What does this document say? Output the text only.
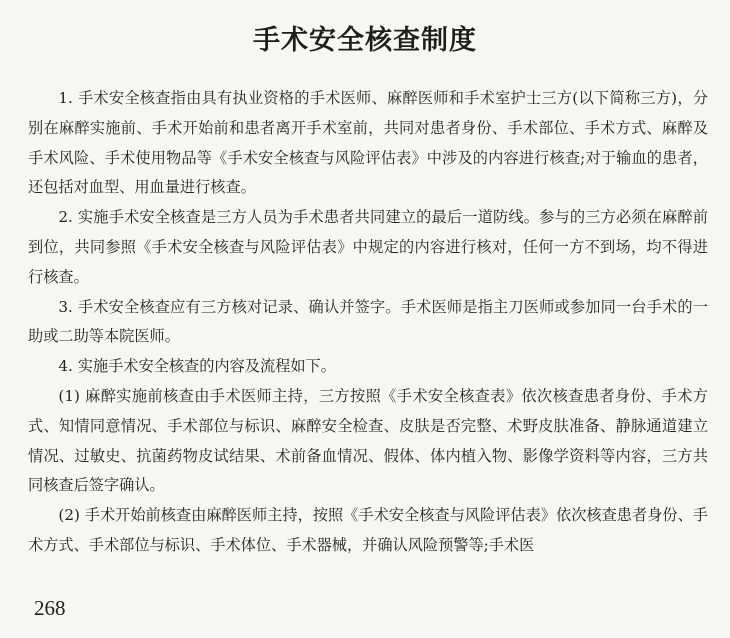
手术安全核查制度

1. 手术安全核查指由具有执业资格的手术医师、麻醉医师和手术室护士三方(以下简称三方)，分别在麻醉实施前、手术开始前和患者离开手术室前，共同对患者身份、手术部位、手术方式、麻醉及手术风险、手术使用物品等《手术安全核查与风险评估表》中涉及的内容进行核查;对于输血的患者，还包括对血型、用血量进行核查。

2. 实施手术安全核查是三方人员为手术患者共同建立的最后一道防线。参与的三方必须在麻醉前到位，共同参照《手术安全核查与风险评估表》中规定的内容进行核对，任何一方不到场，均不得进行核查。

3. 手术安全核查应有三方核对记录、确认并签字。手术医师是指主刀医师或参加同一台手术的一助或二助等本院医师。

4. 实施手术安全核查的内容及流程如下。

(1) 麻醉实施前核查由手术医师主持，三方按照《手术安全核查表》依次核查患者身份、手术方式、知情同意情况、手术部位与标识、麻醉安全检查、皮肤是否完整、术野皮肤准备、静脉通道建立情况、过敏史、抗菌药物皮试结果、术前备血情况、假体、体内植入物、影像学资料等内容，三方共同核查后签字确认。

(2) 手术开始前核查由麻醉医师主持，按照《手术安全核查与风险评估表》依次核查患者身份、手术方式、手术部位与标识、手术体位、手术器械，并确认风险预警等;手术医

268
